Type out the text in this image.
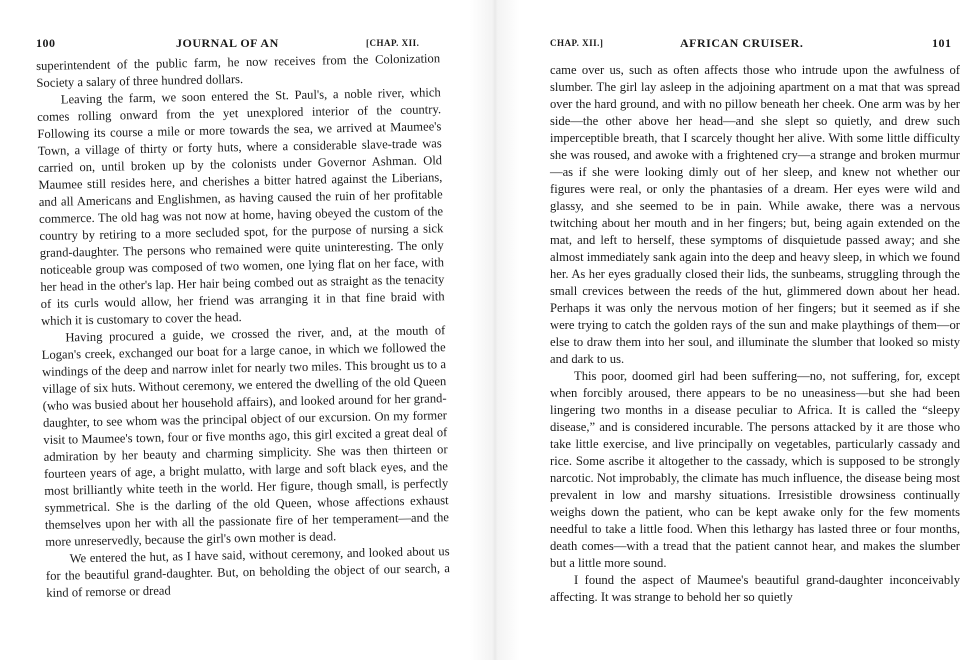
100	JOURNAL OF AN	[CHAP. XII.

superintendent of the public farm, he now receives from the Colonization Society a salary of three hundred dollars.

Leaving the farm, we soon entered the St. Paul's, a noble river, which comes rolling onward from the yet unexplored interior of the country. Following its course a mile or more towards the sea, we arrived at Maumee's Town, a village of thirty or forty huts, where a considerable slave-trade was carried on, until broken up by the colonists under Governor Ashman. Old Maumee still resides here, and cherishes a bitter hatred against the Liberians, and all Americans and Englishmen, as having caused the ruin of her profitable commerce. The old hag was not now at home, having obeyed the custom of the country by retiring to a more secluded spot, for the purpose of nursing a sick grand-daughter. The persons who remained were quite uninteresting. The only noticeable group was composed of two women, one lying flat on her face, with her head in the other's lap. Her hair being combed out as straight as the tenacity of its curls would allow, her friend was arranging it in that fine braid with which it is customary to cover the head.

Having procured a guide, we crossed the river, and, at the mouth of Logan's creek, exchanged our boat for a large canoe, in which we followed the windings of the deep and narrow inlet for nearly two miles. This brought us to a village of six huts. Without ceremony, we entered the dwelling of the old Queen (who was busied about her household affairs), and looked around for her grand-daughter, to see whom was the principal object of our excursion. On my former visit to Maumee's town, four or five months ago, this girl excited a great deal of admiration by her beauty and charming simplicity. She was then thirteen or fourteen years of age, a bright mulatto, with large and soft black eyes, and the most brilliantly white teeth in the world. Her figure, though small, is perfectly symmetrical. She is the darling of the old Queen, whose affections exhaust themselves upon her with all the passionate fire of her temperament—and the more unreservedly, because the girl's own mother is dead.

We entered the hut, as I have said, without ceremony, and looked about us for the beautiful grand-daughter. But, on beholding the object of our search, a kind of remorse or dread

CHAP. XII.]	AFRICAN CRUISER.	101

came over us, such as often affects those who intrude upon the awfulness of slumber. The girl lay asleep in the adjoining apartment on a mat that was spread over the hard ground, and with no pillow beneath her cheek. One arm was by her side—the other above her head—and she slept so quietly, and drew such imperceptible breath, that I scarcely thought her alive. With some little difficulty she was roused, and awoke with a frightened cry—a strange and broken murmur—as if she were looking dimly out of her sleep, and knew not whether our figures were real, or only the phantasies of a dream. Her eyes were wild and glassy, and she seemed to be in pain. While awake, there was a nervous twitching about her mouth and in her fingers; but, being again extended on the mat, and left to herself, these symptoms of disquietude passed away; and she almost immediately sank again into the deep and heavy sleep, in which we found her. As her eyes gradually closed their lids, the sunbeams, struggling through the small crevices between the reeds of the hut, glimmered down about her head. Perhaps it was only the nervous motion of her fingers; but it seemed as if she were trying to catch the golden rays of the sun and make playthings of them—or else to draw them into her soul, and illuminate the slumber that looked so misty and dark to us.

This poor, doomed girl had been suffering—no, not suffering, for, except when forcibly aroused, there appears to be no uneasiness—but she had been lingering two months in a disease peculiar to Africa. It is called the “sleepy disease,” and is considered incurable. The persons attacked by it are those who take little exercise, and live principally on vegetables, particularly cassady and rice. Some ascribe it altogether to the cassady, which is supposed to be strongly narcotic. Not improbably, the climate has much influence, the disease being most prevalent in low and marshy situations. Irresistible drowsiness continually weighs down the patient, who can be kept awake only for the few moments needful to take a little food. When this lethargy has lasted three or four months, death comes—with a tread that the patient cannot hear, and makes the slumber but a little more sound.

I found the aspect of Maumee's beautiful grand-daughter inconceivably affecting. It was strange to behold her so quietly
